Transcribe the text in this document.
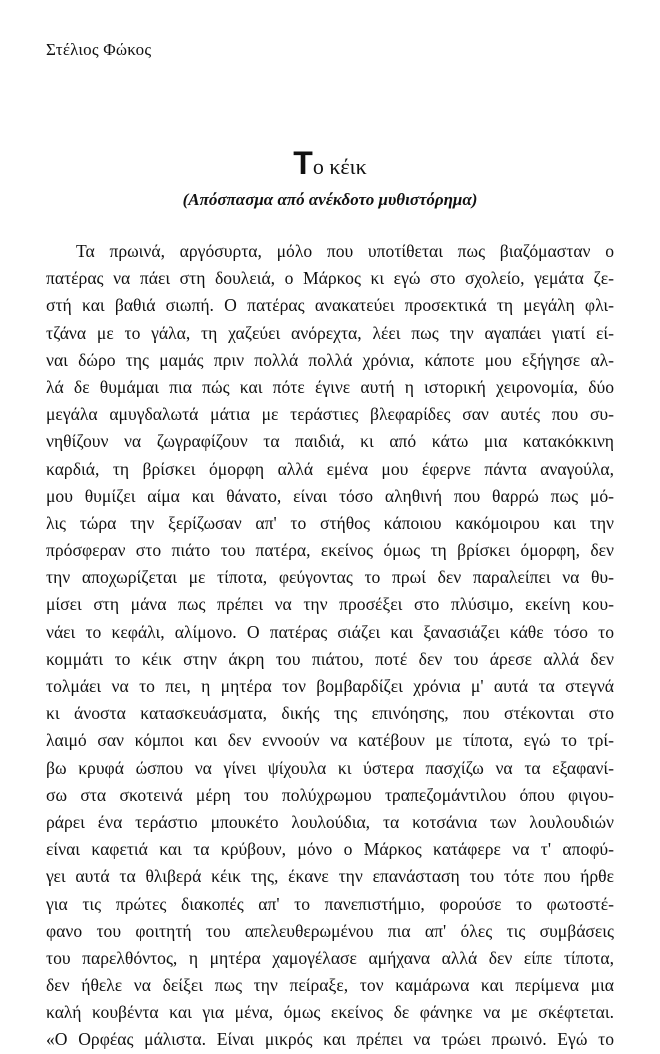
Στέλιος Φώκος
Το κέικ
(Απόσπασμα από ανέκδοτο μυθιστόρημα)
Τα πρωινά, αργόσυρτα, μόλο που υποτίθεται πως βιαζόμασταν ο
πατέρας να πάει στη δουλειά, ο Μάρκος κι εγώ στο σχολείο, γεμάτα ζε-
στή και βαθιά σιωπή. Ο πατέρας ανακατεύει προσεκτικά τη μεγάλη φλι-
τζάνα με το γάλα, τη χαζεύει ανόρεχτα, λέει πως την αγαπάει γιατί εί-
ναι δώρο της μαμάς πριν πολλά πολλά χρόνια, κάποτε μου εξήγησε αλ-
λά δε θυμάμαι πια πώς και πότε έγινε αυτή η ιστορική χειρονομία, δύο
μεγάλα αμυγδαλωτά μάτια με τεράστιες βλεφαρίδες σαν αυτές που συ-
νηθίζουν να ζωγραφίζουν τα παιδιά, κι από κάτω μια κατακόκκινη
καρδιά, τη βρίσκει όμορφη αλλά εμένα μου έφερνε πάντα αναγούλα,
μου θυμίζει αίμα και θάνατο, είναι τόσο αληθινή που θαρρώ πως μό-
λις τώρα την ξερίζωσαν απ' το στήθος κάποιου κακόμοιρου και την
πρόσφεραν στο πιάτο του πατέρα, εκείνος όμως τη βρίσκει όμορφη, δεν
την αποχωρίζεται με τίποτα, φεύγοντας το πρωί δεν παραλείπει να θυ-
μίσει στη μάνα πως πρέπει να την προσέξει στο πλύσιμο, εκείνη κου-
νάει το κεφάλι, αλίμονο. Ο πατέρας σιάζει και ξανασιάζει κάθε τόσο το
κομμάτι το κέικ στην άκρη του πιάτου, ποτέ δεν του άρεσε αλλά δεν
τολμάει να το πει, η μητέρα τον βομβαρδίζει χρόνια μ' αυτά τα στεγνά
κι άνοστα κατασκευάσματα, δικής της επινόησης, που στέκονται στο
λαιμό σαν κόμποι και δεν εννοούν να κατέβουν με τίποτα, εγώ το τρί-
βω κρυφά ώσπου να γίνει ψίχουλα κι ύστερα πασχίζω να τα εξαφανί-
σω στα σκοτεινά μέρη του πολύχρωμου τραπεζομάντιλου όπου φιγου-
ράρει ένα τεράστιο μπουκέτο λουλούδια, τα κοτσάνια των λουλουδιών
είναι καφετιά και τα κρύβουν, μόνο ο Μάρκος κατάφερε να τ' αποφύ-
γει αυτά τα θλιβερά κέικ της, έκανε την επανάσταση του τότε που ήρθε
για τις πρώτες διακοπές απ' το πανεπιστήμιο, φορούσε το φωτοστέ-
φανο του φοιτητή του απελευθερωμένου πια απ' όλες τις συμβάσεις
του παρελθόντος, η μητέρα χαμογέλασε αμήχανα αλλά δεν είπε τίποτα,
δεν ήθελε να δείξει πως την πείραξε, τον καμάρωνα και περίμενα μια
καλή κουβέντα και για μένα, όμως εκείνος δε φάνηκε να με σκέφτεται.
«Ο Ορφέας μάλιστα. Είναι μικρός και πρέπει να τρώει πρωινό. Εγώ το
